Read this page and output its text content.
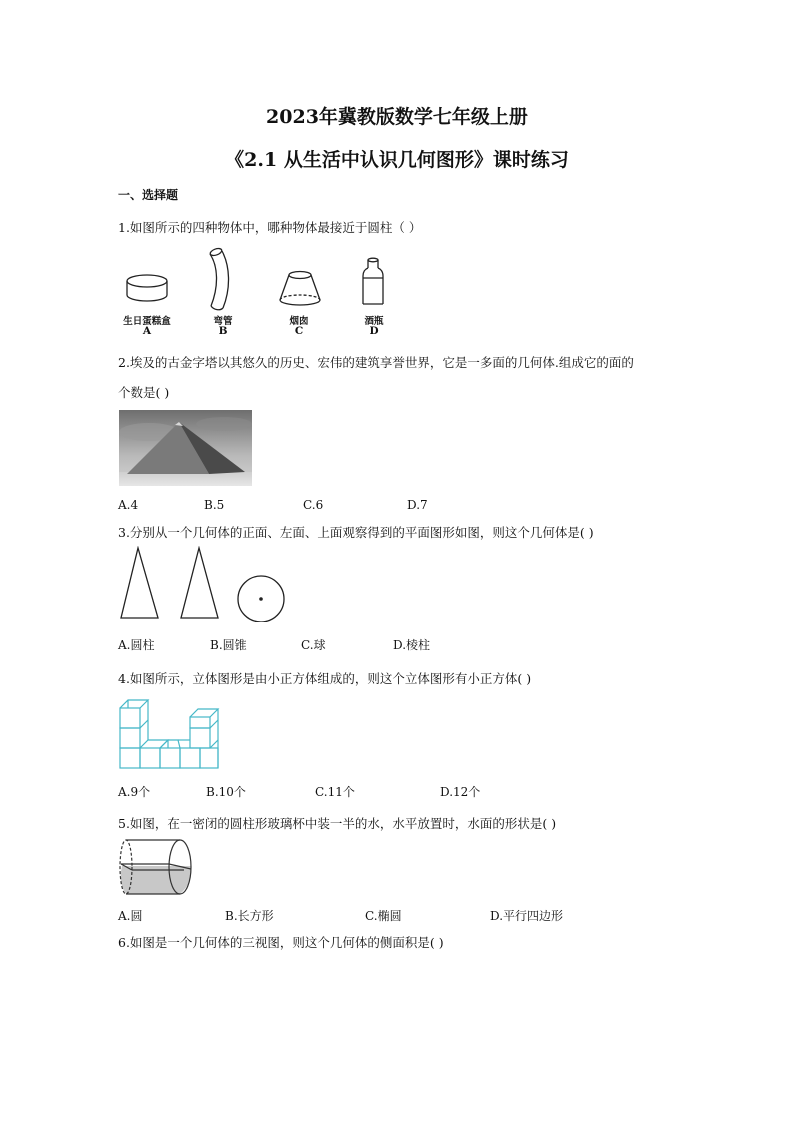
2023年冀教版数学七年级上册
《2.1 从生活中认识几何图形》课时练习
一、选择题
1.如图所示的四种物体中，哪种物体最接近于圆柱（ ）
生日蛋糕盒
A
弯管
B
烟囱
C
酒瓶
D
2.埃及的古金字塔以其悠久的历史、宏伟的建筑享誉世界，它是一多面的几何体.组成它的面的
个数是( )
A.4	B.5	C.6	D.7
3.分别从一个几何体的正面、左面、上面观察得到的平面图形如图，则这个几何体是( )
A.圆柱	B.圆锥	C.球	D.棱柱
4.如图所示，立体图形是由小正方体组成的，则这个立体图形有小正方体( )
A.9个	B.10个	C.11个	D.12个
5.如图，在一密闭的圆柱形玻璃杯中装一半的水，水平放置时，水面的形状是( )
A.圆	B.长方形	C.椭圆	D.平行四边形
6.如图是一个几何体的三视图，则这个几何体的侧面积是( )
